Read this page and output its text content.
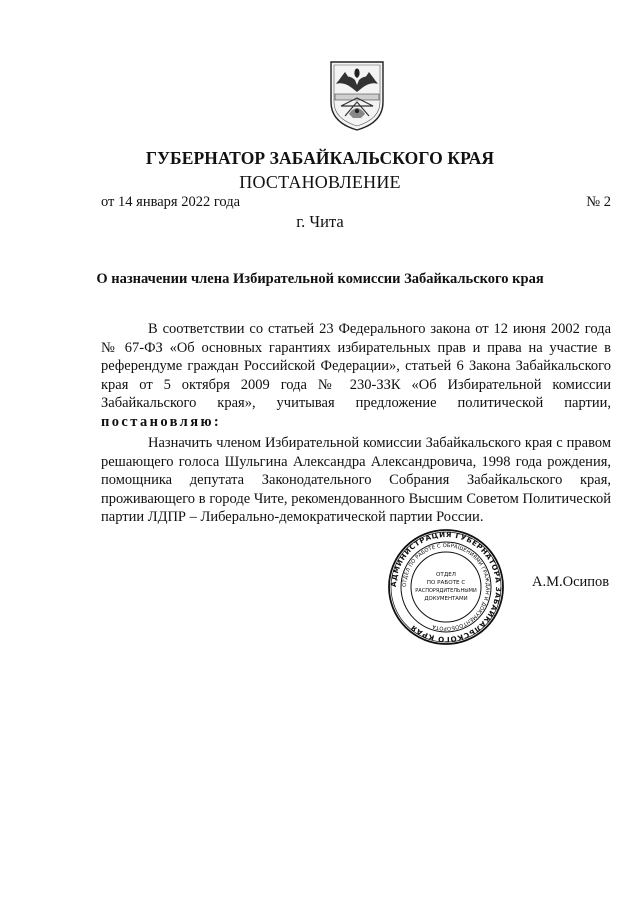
ГУБЕРНАТОР ЗАБАЙКАЛЬСКОГО КРАЯ
ПОСТАНОВЛЕНИЕ
от 14 января 2022 года	№ 2
г. Чита
О назначении члена Избирательной комиссии Забайкальского края

В соответствии со статьей 23 Федерального закона от 12 июня 2002 года № 67-ФЗ «Об основных гарантиях избирательных прав и права на участие в референдуме граждан Российской Федерации», статьей 6 Закона Забайкальского края от 5 октября 2009 года № 230-ЗЗК «Об Избирательной комиссии Забайкальского края», учитывая предложение политической партии, постановляю:

Назначить членом Избирательной комиссии Забайкальского края с правом решающего голоса Шульгина Александра Александровича, 1998 года рождения, помощника депутата Законодательного Собрания Забайкальского края, проживающего в городе Чите, рекомендованного Высшим Советом Политической партии ЛДПР – Либерально-демократической партии России.

АДМИНИСТРАЦИЯ ГУБЕРНАТОРА ЗАБАЙКАЛЬСКОГО КРАЯ
ОТДЕЛ ПО РАБОТЕ С ОБРАЩЕНИЯМИ ГРАЖДАН И ДОКУМЕНТООБОРОТА
ОТДЕЛ
ПО РАБОТЕ С
РАСПОРЯДИТЕЛЬНЫМИ
ДОКУМЕНТАМИ
А.М.Осипов
